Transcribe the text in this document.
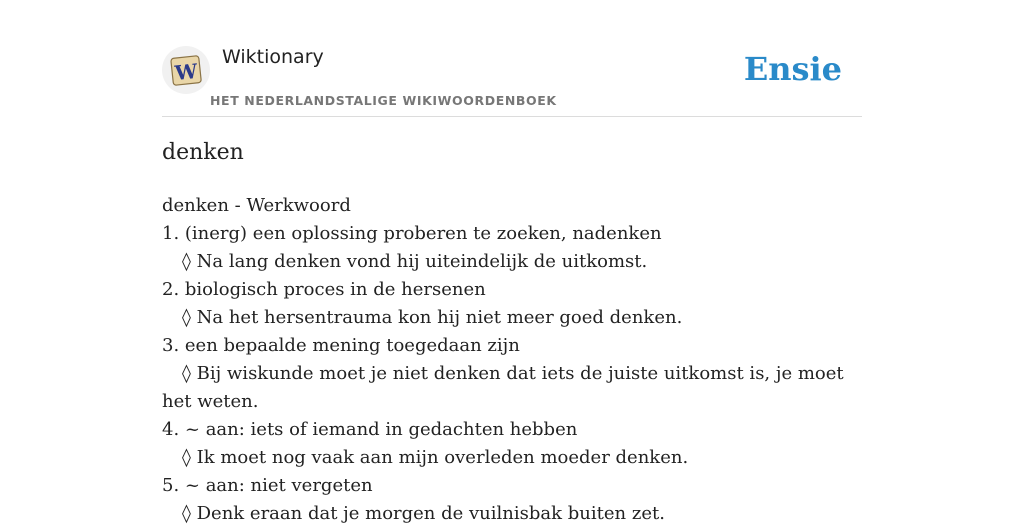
W
Wiktionary
HET NEDERLANDSTALIGE WIKIWOORDENBOEK
Ensie
denken
denken - Werkwoord
1. (inerg) een oplossing proberen te zoeken, nadenken
◊ Na lang denken vond hij uiteindelijk de uitkomst.
2. biologisch proces in de hersenen
◊ Na het hersentrauma kon hij niet meer goed denken.
3. een bepaalde mening toegedaan zijn
◊ Bij wiskunde moet je niet denken dat iets de juiste uitkomst is, je moet het weten.
4. ~ aan: iets of iemand in gedachten hebben
◊ Ik moet nog vaak aan mijn overleden moeder denken.
5. ~ aan: niet vergeten
◊ Denk eraan dat je morgen de vuilnisbak buiten zet.
